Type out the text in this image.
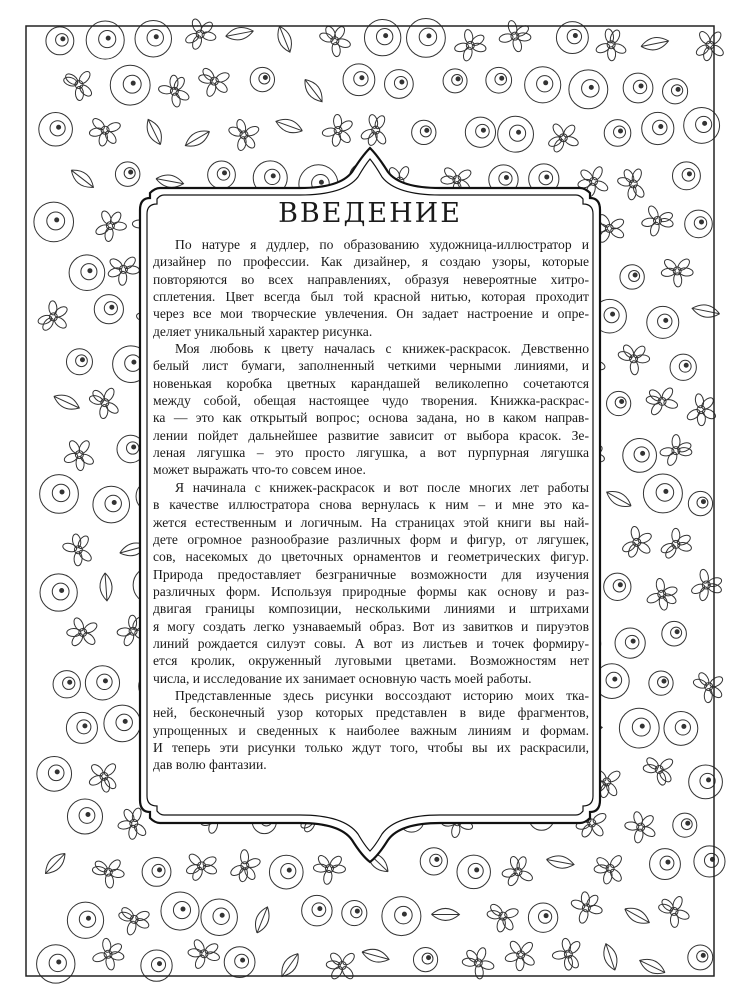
ВВЕДЕНИЕ
По натуре я дудлер, по образованию художница-иллюстратор и
дизайнер по профессии. Как дизайнер, я создаю узоры, которые
повторяются во всех направлениях, образуя невероятные хитро-
сплетения. Цвет всегда был той красной нитью, которая проходит
через все мои творческие увлечения. Он задает настроение и опре-
деляет уникальный характер рисунка.
Моя любовь к цвету началась с книжек-раскрасок. Девственно
белый лист бумаги, заполненный четкими черными линиями, и
новенькая коробка цветных карандашей великолепно сочетаются
между собой, обещая настоящее чудо творения. Книжка-раскрас-
ка — это как открытый вопрос; основа задана, но в каком направ-
лении пойдет дальнейшее развитие зависит от выбора красок. Зе-
леная лягушка – это просто лягушка, а вот пурпурная лягушка
может выражать что-то совсем иное.
Я начинала с книжек-раскрасок и вот после многих лет работы
в качестве иллюстратора снова вернулась к ним – и мне это ка-
жется естественным и логичным. На страницах этой книги вы най-
дете огромное разнообразие различных форм и фигур, от лягушек,
сов, насекомых до цветочных орнаментов и геометрических фигур.
Природа предоставляет безграничные возможности для изучения
различных форм. Используя природные формы как основу и раз-
двигая границы композиции, несколькими линиями и штрихами
я могу создать легко узнаваемый образ. Вот из завитков и пируэтов
линий рождается силуэт совы. А вот из листьев и точек формиру-
ется кролик, окруженный луговыми цветами. Возможностям нет
числа, и исследование их занимает основную часть моей работы.
Представленные здесь рисунки воссоздают историю моих тка-
ней, бесконечный узор которых представлен в виде фрагментов,
упрощенных и сведенных к наиболее важным линиям и формам.
И теперь эти рисунки только ждут того, чтобы вы их раскрасили,
дав волю фантазии.
